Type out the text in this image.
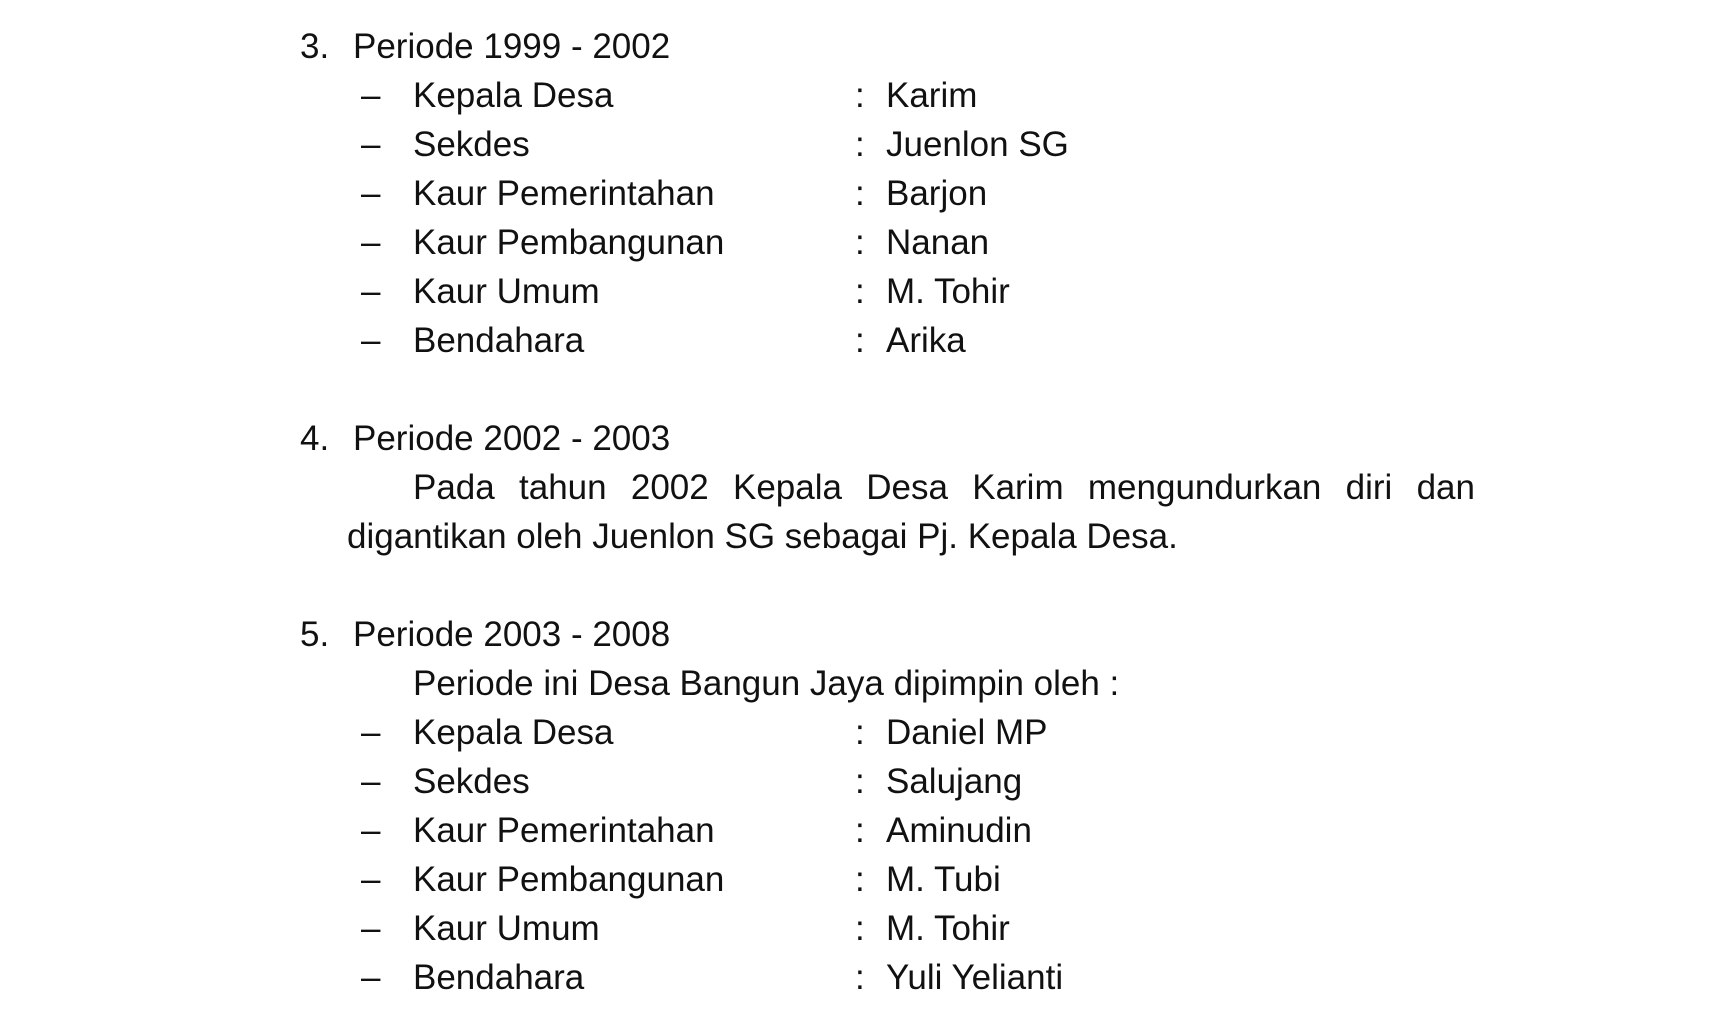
3. Periode 1999 - 2002
– Kepala Desa	: Karim
– Sekdes	: Juenlon SG
– Kaur Pemerintahan	: Barjon
– Kaur Pembangunan	: Nanan
– Kaur Umum	: M. Tohir
– Bendahara	: Arika
4. Periode 2002 - 2003
Pada tahun 2002 Kepala Desa Karim mengundurkan diri dan digantikan oleh Juenlon SG sebagai Pj. Kepala Desa.
5. Periode 2003 - 2008
Periode ini Desa Bangun Jaya dipimpin oleh :
– Kepala Desa	: Daniel MP
– Sekdes	: Salujang
– Kaur Pemerintahan	: Aminudin
– Kaur Pembangunan	: M. Tubi
– Kaur Umum	: M. Tohir
– Bendahara	: Yuli Yelianti
